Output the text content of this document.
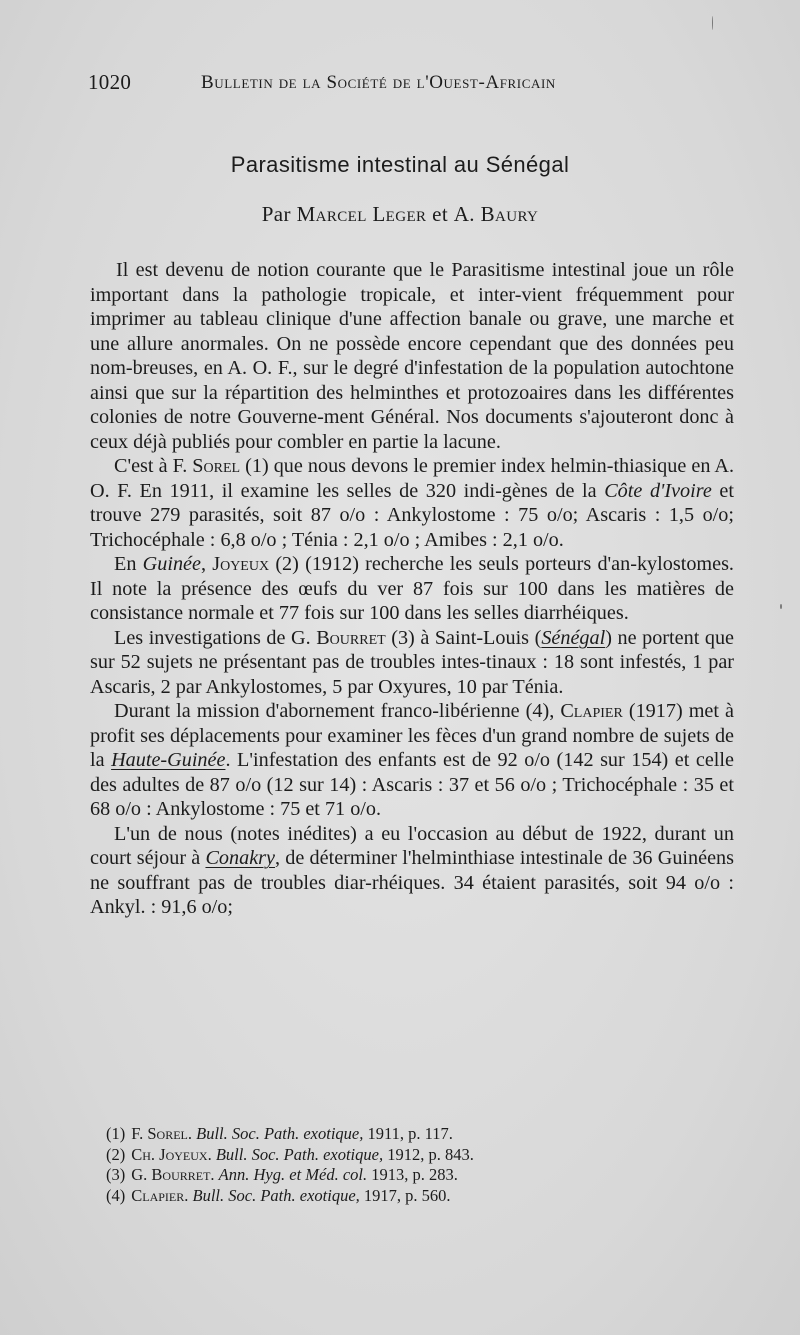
1020	Bulletin de la Société de l'Ouest-Africain
Parasitisme intestinal au Sénégal
Par Marcel Leger et A. Baury

Il est devenu de notion courante que le Parasitisme intestinal joue un rôle important dans la pathologie tropicale, et inter-vient fréquemment pour imprimer au tableau clinique d'une affection banale ou grave, une marche et une allure anormales. On ne possède encore cependant que des données peu nom-breuses, en A. O. F., sur le degré d'infestation de la population autochtone ainsi que sur la répartition des helminthes et protozoaires dans les différentes colonies de notre Gouverne-ment Général. Nos documents s'ajouteront donc à ceux déjà publiés pour combler en partie la lacune.

C'est à F. Sorel (1) que nous devons le premier index helmin-thiasique en A. O. F. En 1911, il examine les selles de 320 indi-gènes de la Côte d'Ivoire et trouve 279 parasités, soit 87 o/o : Ankylostome : 75 o/o; Ascaris : 1,5 o/o; Trichocéphale : 6,8 o/o ; Ténia : 2,1 o/o ; Amibes : 2,1 o/o.

En Guinée, Joyeux (2) (1912) recherche les seuls porteurs d'an-kylostomes. Il note la présence des œufs du ver 87 fois sur 100 dans les matières de consistance normale et 77 fois sur 100 dans les selles diarrhéiques.

Les investigations de G. Bourret (3) à Saint-Louis (Sénégal) ne portent que sur 52 sujets ne présentant pas de troubles intes-tinaux : 18 sont infestés, 1 par Ascaris, 2 par Ankylostomes, 5 par Oxyures, 10 par Ténia.

Durant la mission d'abornement franco-libérienne (4), Clapier (1917) met à profit ses déplacements pour examiner les fèces d'un grand nombre de sujets de la Haute-Guinée. L'infestation des enfants est de 92 o/o (142 sur 154) et celle des adultes de 87 o/o (12 sur 14) : Ascaris : 37 et 56 o/o ; Trichocéphale : 35 et 68 o/o : Ankylostome : 75 et 71 o/o.

L'un de nous (notes inédites) a eu l'occasion au début de 1922, durant un court séjour à Conakry, de déterminer l'helminthiase intestinale de 36 Guinéens ne souffrant pas de troubles diar-rhéiques. 34 étaient parasités, soit 94 o/o : Ankyl. : 91,6 o/o;

(1) F. Sorel. Bull. Soc. Path. exotique, 1911, p. 117.
(2) Ch. Joyeux. Bull. Soc. Path. exotique, 1912, p. 843.
(3) G. Bourret. Ann. Hyg. et Méd. col. 1913, p. 283.
(4) Clapier. Bull. Soc. Path. exotique, 1917, p. 560.
